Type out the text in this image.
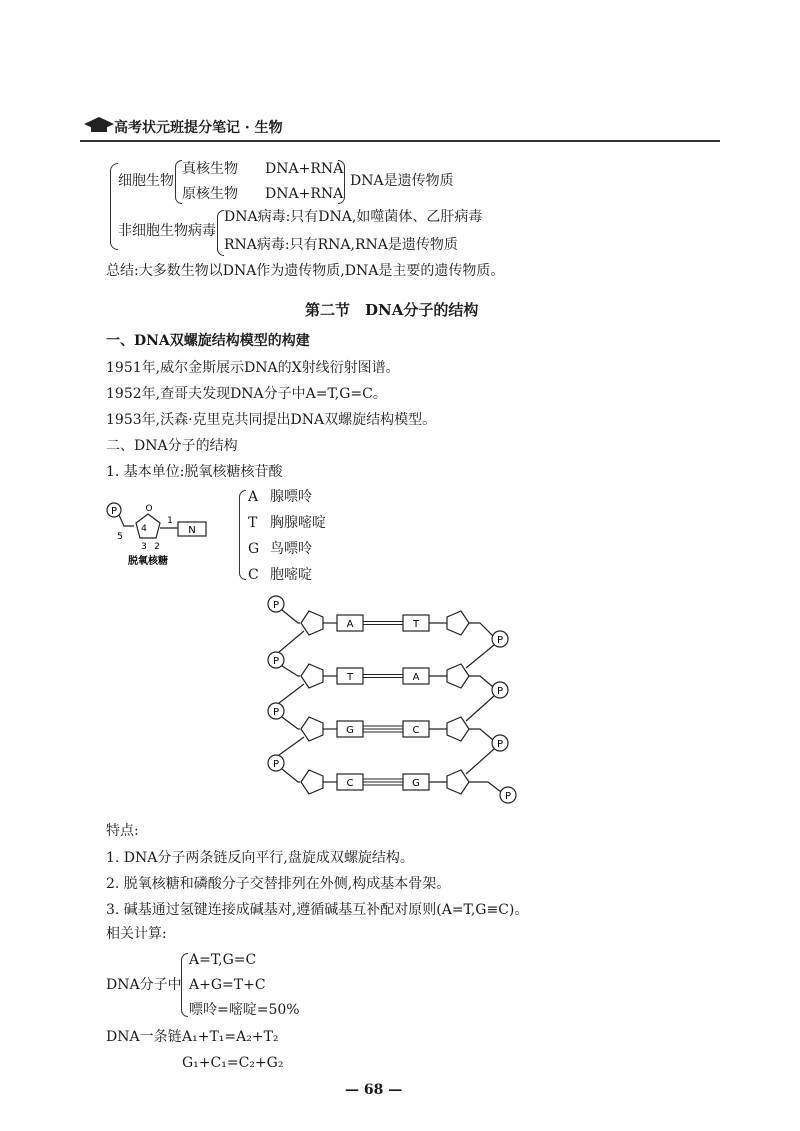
高考状元班提分笔记 · 生物
细胞生物
真核生物 DNA+RNA
原核生物 DNA+RNA
DNA是遗传物质
非细胞生物病毒
DNA病毒:只有DNA,如噬菌体、乙肝病毒
RNA病毒:只有RNA,RNA是遗传物质
总结:大多数生物以DNA作为遗传物质,DNA是主要的遗传物质。
第二节　DNA分子的结构
一、DNA双螺旋结构模型的构建
1951年,威尔金斯展示DNA的X射线衍射图谱。
1952年,查哥夫发现DNA分子中A=T,G=C。
1953年,沃森·克里克共同提出DNA双螺旋结构模型。
二、DNA分子的结构
1. 基本单位:脱氧核糖核苷酸
P	O
5
4
1
3 2
N
脱氧核糖
A 腺嘌呤
T 胸腺嘧啶
G 鸟嘌呤
C 胞嘧啶
P
A	T
P
P
T	A
P
P
G	C
P
P
C	G
P
特点:
1. DNA分子两条链反向平行,盘旋成双螺旋结构。
2. 脱氧核糖和磷酸分子交替排列在外侧,构成基本骨架。
3. 碱基通过氢键连接成碱基对,遵循碱基互补配对原则(A=T,G≡C)。
相关计算:
DNA分子中
A=T,G=C
A+G=T+C
嘌呤=嘧啶=50%
DNA一条链 A₁+T₁=A₂+T₂
G₁+C₁=C₂+G₂
— 68 —
